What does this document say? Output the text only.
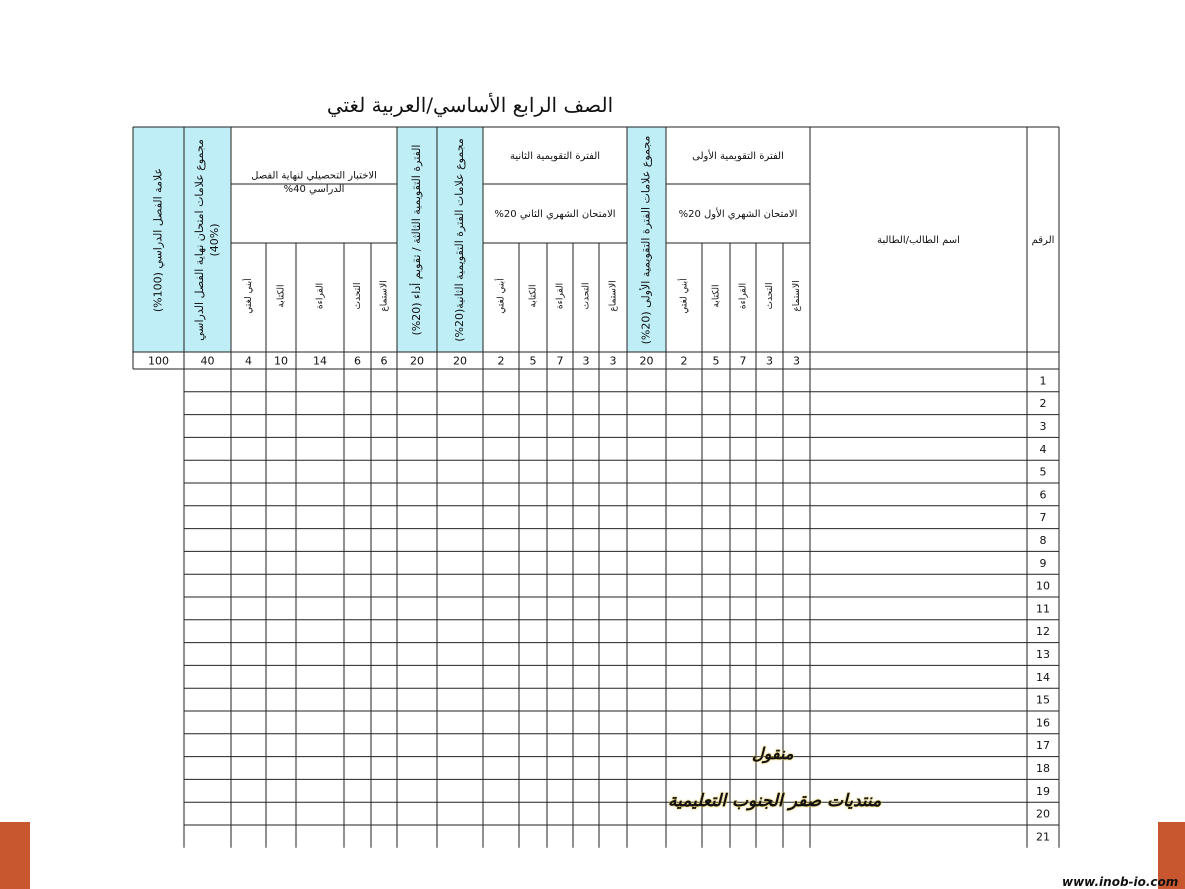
الصف الرابع الأساسي/العربية لغتي
الرقم
اسم الطالب/الطالبة
الفترة التقويمية الأولى
الامتحان الشهري الأول 20%
الفترة التقويمية الثانية
الامتحان الشهري الثاني 20%
الاختبار التحصيلي لنهاية الفصل
الدراسي 40%
مجموع علامات الفترة التقويمية الأولى (20%)
مجموع علامات الفترة التقويمية الثانية(20%)
الفترة التقويمية الثالثة / تقويم أداء (20%)
مجموع علامات امتحان نهاية الفصل الدراسي (40%)
علامة الفصل الدراسي (100%)
الاستماع
التحدث
القراءة
الكتابة
أبني لغتي
الاستماع
التحدث
القراءة
الكتابة
أبني لغتي
الاستماع
التحدث
القراءة
الكتابة
أبني لغتي
3
3
7
5
2
20
3
3
7
5
2
20
20
6
6
14
10
4
40
100
1
2
3
4
5
6
7
8
9
10
11
12
13
14
15
16
17
18
19
20
21
منقول
منتديات صقر الجنوب التعليمية
www.inob-io.com
